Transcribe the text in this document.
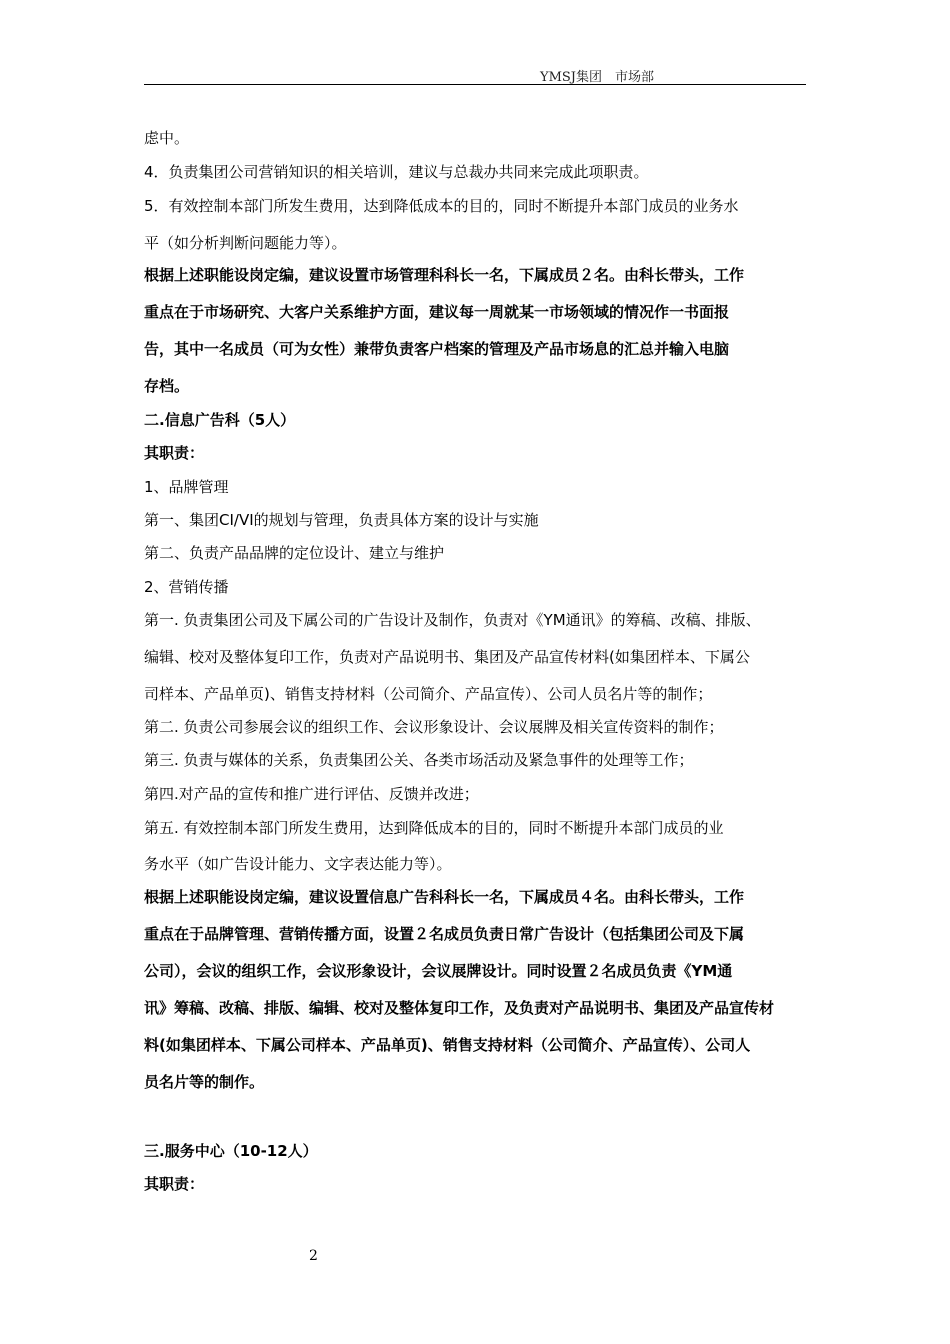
YMSJ集团　市场部
虑中。
4．负责集团公司营销知识的相关培训，建议与总裁办共同来完成此项职责。
5．有效控制本部门所发生费用，达到降低成本的目的，同时不断提升本部门成员的业务水
平（如分析判断问题能力等）。
根据上述职能设岗定编，建议设置市场管理科科长一名，下属成员２名。由科长带头，工作
重点在于市场研究、大客户关系维护方面，建议每一周就某一市场领域的情况作一书面报
告，其中一名成员（可为女性）兼带负责客户档案的管理及产品市场息的汇总并输入电脑
存档。
二.信息广告科（5人）
其职责：
1、品牌管理
第一、集团CI/VI的规划与管理，负责具体方案的设计与实施
第二、负责产品品牌的定位设计、建立与维护
2、营销传播
第一. 负责集团公司及下属公司的广告设计及制作，负责对《YM通讯》的筹稿、改稿、排版、
编辑、校对及整体复印工作，负责对产品说明书、集团及产品宣传材料(如集团样本、下属公
司样本、产品单页)、销售支持材料（公司简介、产品宣传）、公司人员名片等的制作；
第二. 负责公司参展会议的组织工作、会议形象设计、会议展牌及相关宣传资料的制作；
第三. 负责与媒体的关系，负责集团公关、各类市场活动及紧急事件的处理等工作；
第四.对产品的宣传和推广进行评估、反馈并改进；
第五. 有效控制本部门所发生费用，达到降低成本的目的，同时不断提升本部门成员的业
务水平（如广告设计能力、文字表达能力等）。
根据上述职能设岗定编，建议设置信息广告科科长一名，下属成员４名。由科长带头，工作
重点在于品牌管理、营销传播方面，设置２名成员负责日常广告设计（包括集团公司及下属
公司），会议的组织工作，会议形象设计，会议展牌设计。同时设置２名成员负责《YM通
讯》筹稿、改稿、排版、编辑、校对及整体复印工作，及负责对产品说明书、集团及产品宣传材
料(如集团样本、下属公司样本、产品单页)、销售支持材料（公司简介、产品宣传）、公司人
员名片等的制作。
三.服务中心（10-12人）
其职责：
2
